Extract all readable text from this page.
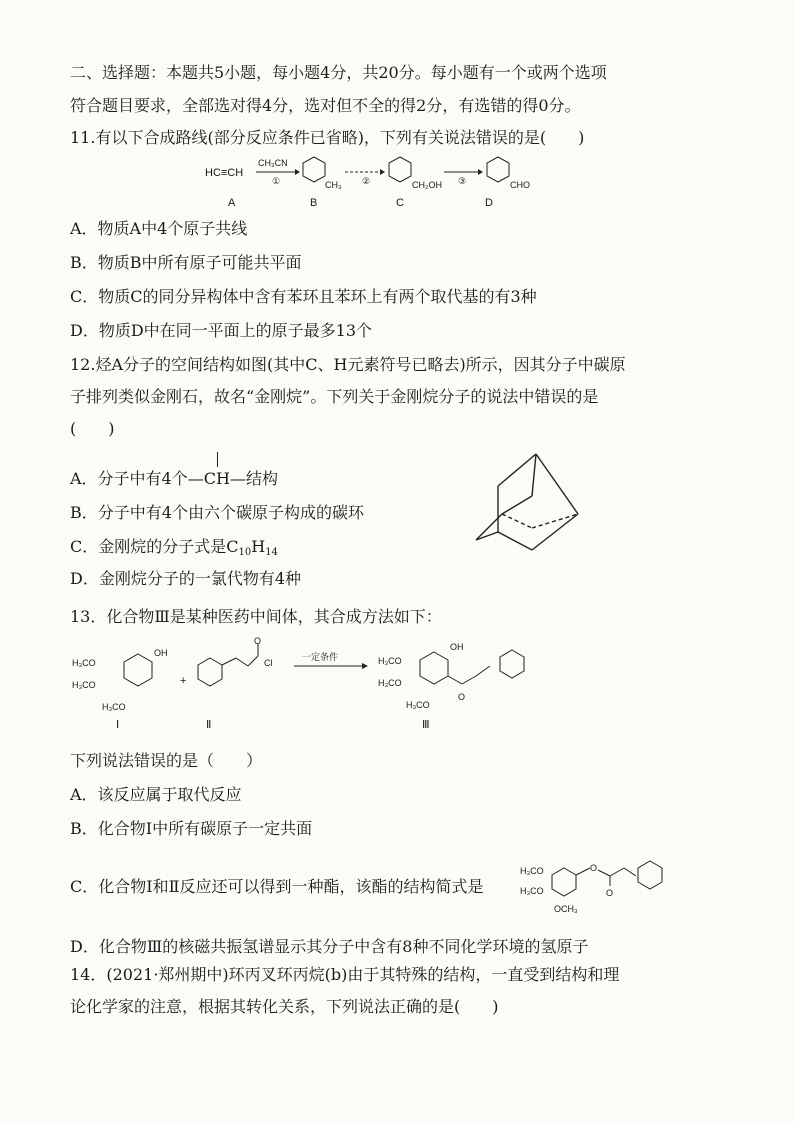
二、选择题：本题共5小题，每小题4分，共20分。每小题有一个或两个选项
符合题目要求，全部选对得4分，选对但不全的得2分，有选错的得0分。
11.有以下合成路线(部分反应条件已省略)，下列有关说法错误的是(　　)
HC≡CH
CH₃CN
①	CH₃ ②	CH₂OH ③	CHO
A	B	C	D
A．物质A中4个原子共线
B．物质B中所有原子可能共平面
C．物质C的同分异构体中含有苯环且苯环上有两个取代基的有3种
D．物质D中在同一平面上的原子最多13个
12.烃A分子的空间结构如图(其中C、H元素符号已略去)所示，因其分子中碳原
子排列类似金刚石，故名“金刚烷”。下列关于金刚烷分子的说法中错误的是
(　　)
A．分子中有4个
—CH—结构
B．分子中有4个由六个碳原子构成的碳环
C．金刚烷的分子式是$C_{10}H_{14}$
D．金刚烷分子的一氯代物有4种
13．化合物Ⅲ是某种医药中间体，其合成方法如下：
H₃CO
H₃CO
H₃CO
OH
Ⅰ
+
O
Cl
Ⅱ
一定条件	H₃CO
H₃CO
H₃CO
OH
O
Ⅲ
下列说法错误的是（　　）
A．该反应属于取代反应
B．化合物Ⅰ中所有碳原子一定共面
C．化合物Ⅰ和Ⅱ反应还可以得到一种酯，该酯的结构简式是
O
O
H₃CO
H₃CO
OCH₃
D．化合物Ⅲ的核磁共振氢谱显示其分子中含有8种不同化学环境的氢原子
14．(2021·郑州期中)环丙叉环丙烷(b)由于其特殊的结构，一直受到结构和理
论化学家的注意，根据其转化关系，下列说法正确的是(　　)
